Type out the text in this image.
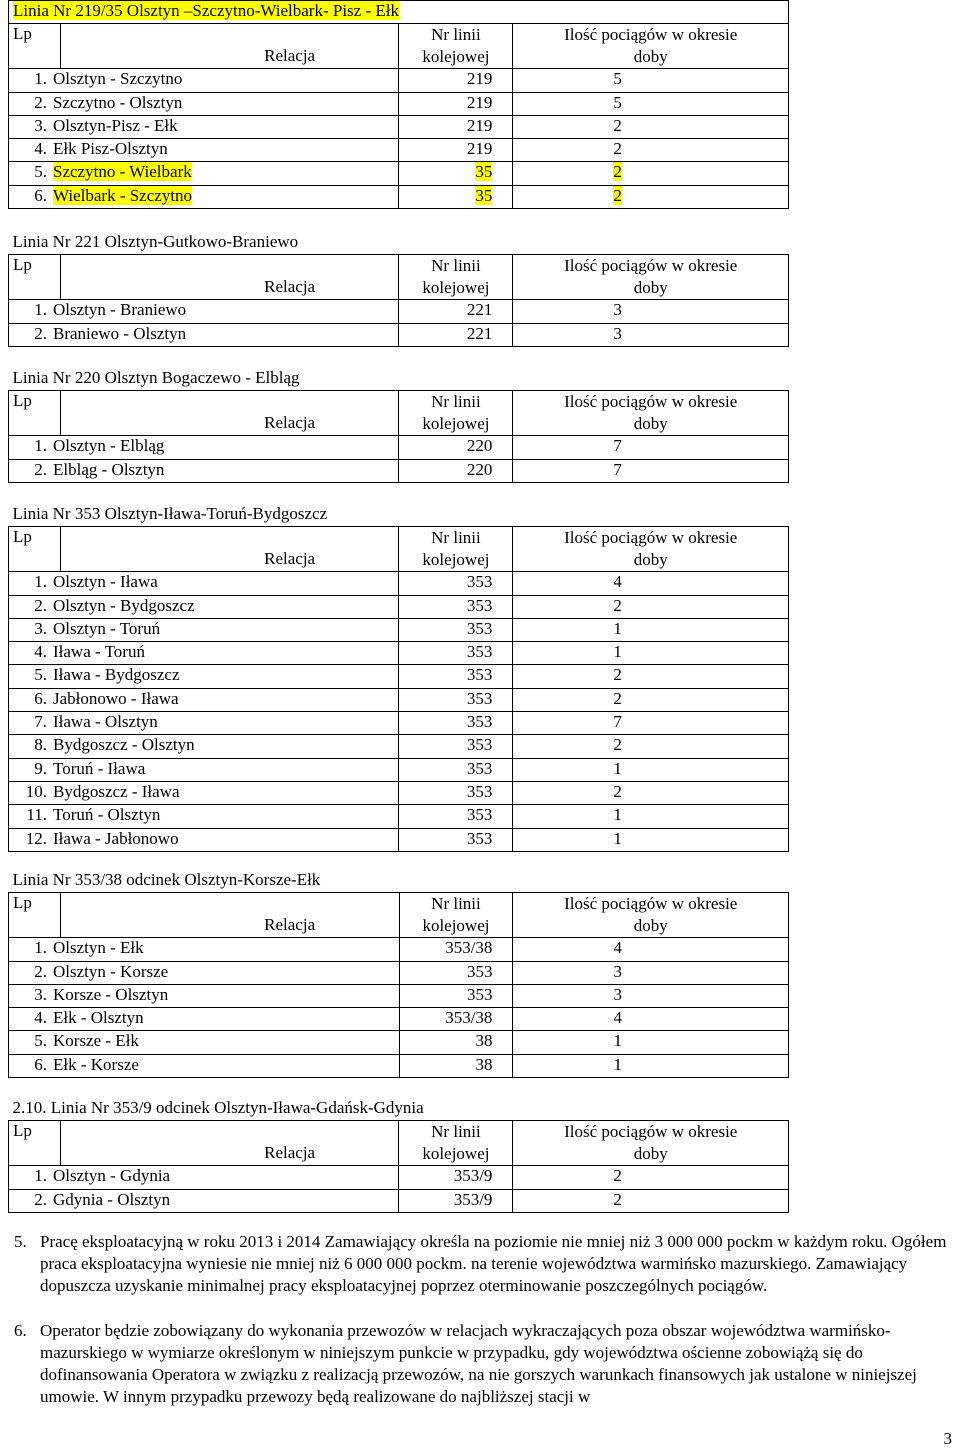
Linia Nr 219/35 Olsztyn –Szczytno-Wielbark- Pisz - Ełk			

Lp	Relacja	Nr linii
kolejowej	Ilość pociągów w okresie
doby

1. Olsztyn - Szczytno		219	5
2. Szczytno - Olsztyn		219	5
3. Olsztyn-Pisz - Ełk		219	2
4. Ełk Pisz-Olsztyn		219	2
5. Szczytno - Wielbark		35	2
6. Wielbark - Szczytno		35	2
Linia Nr 221 Olsztyn-Gutkowo-Braniewo			

Lp	Relacja	Nr linii
kolejowej	Ilość pociągów w okresie
doby

1. Olsztyn - Braniewo		221	3
2. Braniewo - Olsztyn		221	3
Linia Nr 220 Olsztyn Bogaczewo - Elbląg			

Lp	Relacja	Nr linii
kolejowej	Ilość pociągów w okresie
doby

1. Olsztyn - Elbląg		220	7
2. Elbląg - Olsztyn		220	7
Linia Nr 353 Olsztyn-Iława-Toruń-Bydgoszcz			

Lp	Relacja	Nr linii
kolejowej	Ilość pociągów w okresie
doby

1. Olsztyn - Iława		353	4
2. Olsztyn - Bydgoszcz		353	2
3. Olsztyn - Toruń		353	1
4. Iława - Toruń		353	1
5. Iława - Bydgoszcz		353	2
6. Jabłonowo - Iława		353	2
7. Iława - Olsztyn		353	7
8. Bydgoszcz - Olsztyn		353	2
9. Toruń - Iława		353	1
10. Bydgoszcz - Iława		353	2
11. Toruń - Olsztyn		353	1
12. Iława - Jabłonowo		353	1
Linia Nr 353/38 odcinek Olsztyn-Korsze-Ełk			

Lp	Relacja	Nr linii
kolejowej	Ilość pociągów w okresie
doby

1. Olsztyn - Ełk		353/38	4
2. Olsztyn - Korsze		353	3
3. Korsze - Olsztyn		353	3
4. Ełk - Olsztyn		353/38	4
5. Korsze - Ełk		38	1
6. Ełk - Korsze		38	1
2.10. Linia Nr 353/9 odcinek Olsztyn-Iława-Gdańsk-Gdynia			

Lp	Relacja	Nr linii
kolejowej	Ilość pociągów w okresie
doby

1. Olsztyn - Gdynia		353/9	2
2. Gdynia - Olsztyn		353/9	2
5. Pracę eksploatacyjną w roku 2013 i 2014 Zamawiający określa na poziomie nie mniej niż 3 000 000 pockm w każdym roku. Ogółem praca eksploatacyjna wyniesie nie mniej niż 6 000 000 pockm. na terenie województwa warmińsko mazurskiego. Zamawiający dopuszcza uzyskanie minimalnej pracy eksploatacyjnej poprzez oterminowanie poszczególnych pociągów.
6. Operator będzie zobowiązany do wykonania przewozów w relacjach wykraczających poza obszar województwa warmińsko-mazurskiego w wymiarze określonym w niniejszym punkcie w przypadku, gdy województwa ościenne zobowiążą się do dofinansowania Operatora w związku z realizacją przewozów, na nie gorszych warunkach finansowych jak ustalone w niniejszej umowie. W innym przypadku przewozy będą realizowane do najbliższej stacji w
3
